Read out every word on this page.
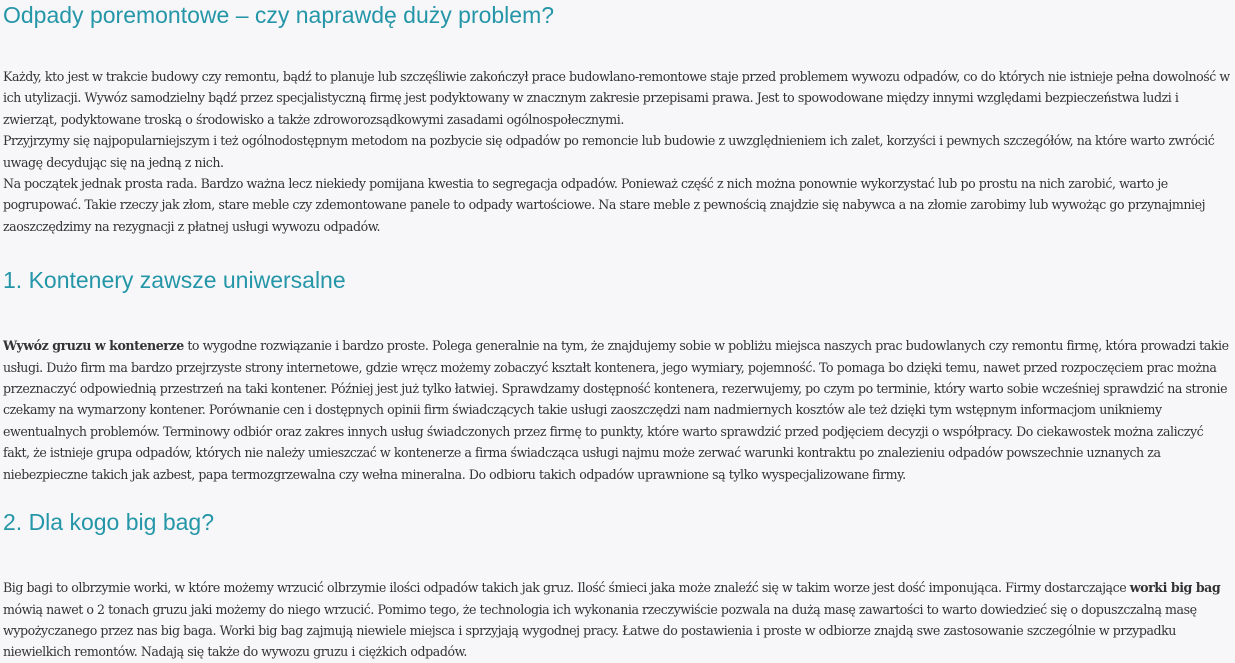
Odpady poremontowe – czy naprawdę duży problem?

Każdy, kto jest w trakcie budowy czy remontu, bądź to planuje lub szczęśliwie zakończył prace budowlano-remontowe staje przed problemem wywozu odpadów, co do których nie istnieje pełna dowolność w ich utylizacji. Wywóz samodzielny bądź przez specjalistyczną firmę jest podyktowany w znacznym zakresie przepisami prawa. Jest to spowodowane między innymi względami bezpieczeństwa ludzi i zwierząt, podyktowane troską o środowisko a także zdroworozsądkowymi zasadami ogólnospołecznymi.
Przyjrzymy się najpopularniejszym i też ogólnodostępnym metodom na pozbycie się odpadów po remoncie lub budowie z uwzględnieniem ich zalet, korzyści i pewnych szczegółów, na które warto zwrócić uwagę decydując się na jedną z nich.
Na początek jednak prosta rada. Bardzo ważna lecz niekiedy pomijana kwestia to segregacja odpadów. Ponieważ część z nich można ponownie wykorzystać lub po prostu na nich zarobić, warto je pogrupować. Takie rzeczy jak złom, stare meble czy zdemontowane panele to odpady wartościowe. Na stare meble z pewnością znajdzie się nabywca a na złomie zarobimy lub wywożąc go przynajmniej zaoszczędzimy na rezygnacji z płatnej usługi wywozu odpadów.

1. Kontenery zawsze uniwersalne

Wywóz gruzu w kontenerze to wygodne rozwiązanie i bardzo proste. Polega generalnie na tym, że znajdujemy sobie w pobliżu miejsca naszych prac budowlanych czy remontu firmę, która prowadzi takie usługi. Dużo firm ma bardzo przejrzyste strony internetowe, gdzie wręcz możemy zobaczyć kształt kontenera, jego wymiary, pojemność. To pomaga bo dzięki temu, nawet przed rozpoczęciem prac można przeznaczyć odpowiednią przestrzeń na taki kontener. Później jest już tylko łatwiej. Sprawdzamy dostępność kontenera, rezerwujemy, po czym po terminie, który warto sobie wcześniej sprawdzić na stronie czekamy na wymarzony kontener. Porównanie cen i dostępnych opinii firm świadczących takie usługi zaoszczędzi nam nadmiernych kosztów ale też dzięki tym wstępnym informacjom unikniemy ewentualnych problemów. Terminowy odbiór oraz zakres innych usług świadczonych przez firmę to punkty, które warto sprawdzić przed podjęciem decyzji o współpracy. Do ciekawostek można zaliczyć fakt, że istnieje grupa odpadów, których nie należy umieszczać w kontenerze a firma świadcząca usługi najmu może zerwać warunki kontraktu po znalezieniu odpadów powszechnie uznanych za niebezpieczne takich jak azbest, papa termozgrzewalna czy wełna mineralna. Do odbioru takich odpadów uprawnione są tylko wyspecjalizowane firmy.

2. Dla kogo big bag?

Big bagi to olbrzymie worki, w które możemy wrzucić olbrzymie ilości odpadów takich jak gruz. Ilość śmieci jaka może znaleźć się w takim worze jest dość imponująca. Firmy dostarczające worki big bag mówią nawet o 2 tonach gruzu jaki możemy do niego wrzucić. Pomimo tego, że technologia ich wykonania rzeczywiście pozwala na dużą masę zawartości to warto dowiedzieć się o dopuszczalną masę wypożyczanego przez nas big baga. Worki big bag zajmują niewiele miejsca i sprzyjają wygodnej pracy. Łatwe do postawienia i proste w odbiorze znajdą swe zastosowanie szczególnie w przypadku niewielkich remontów. Nadają się także do wywozu gruzu i ciężkich odpadów.
